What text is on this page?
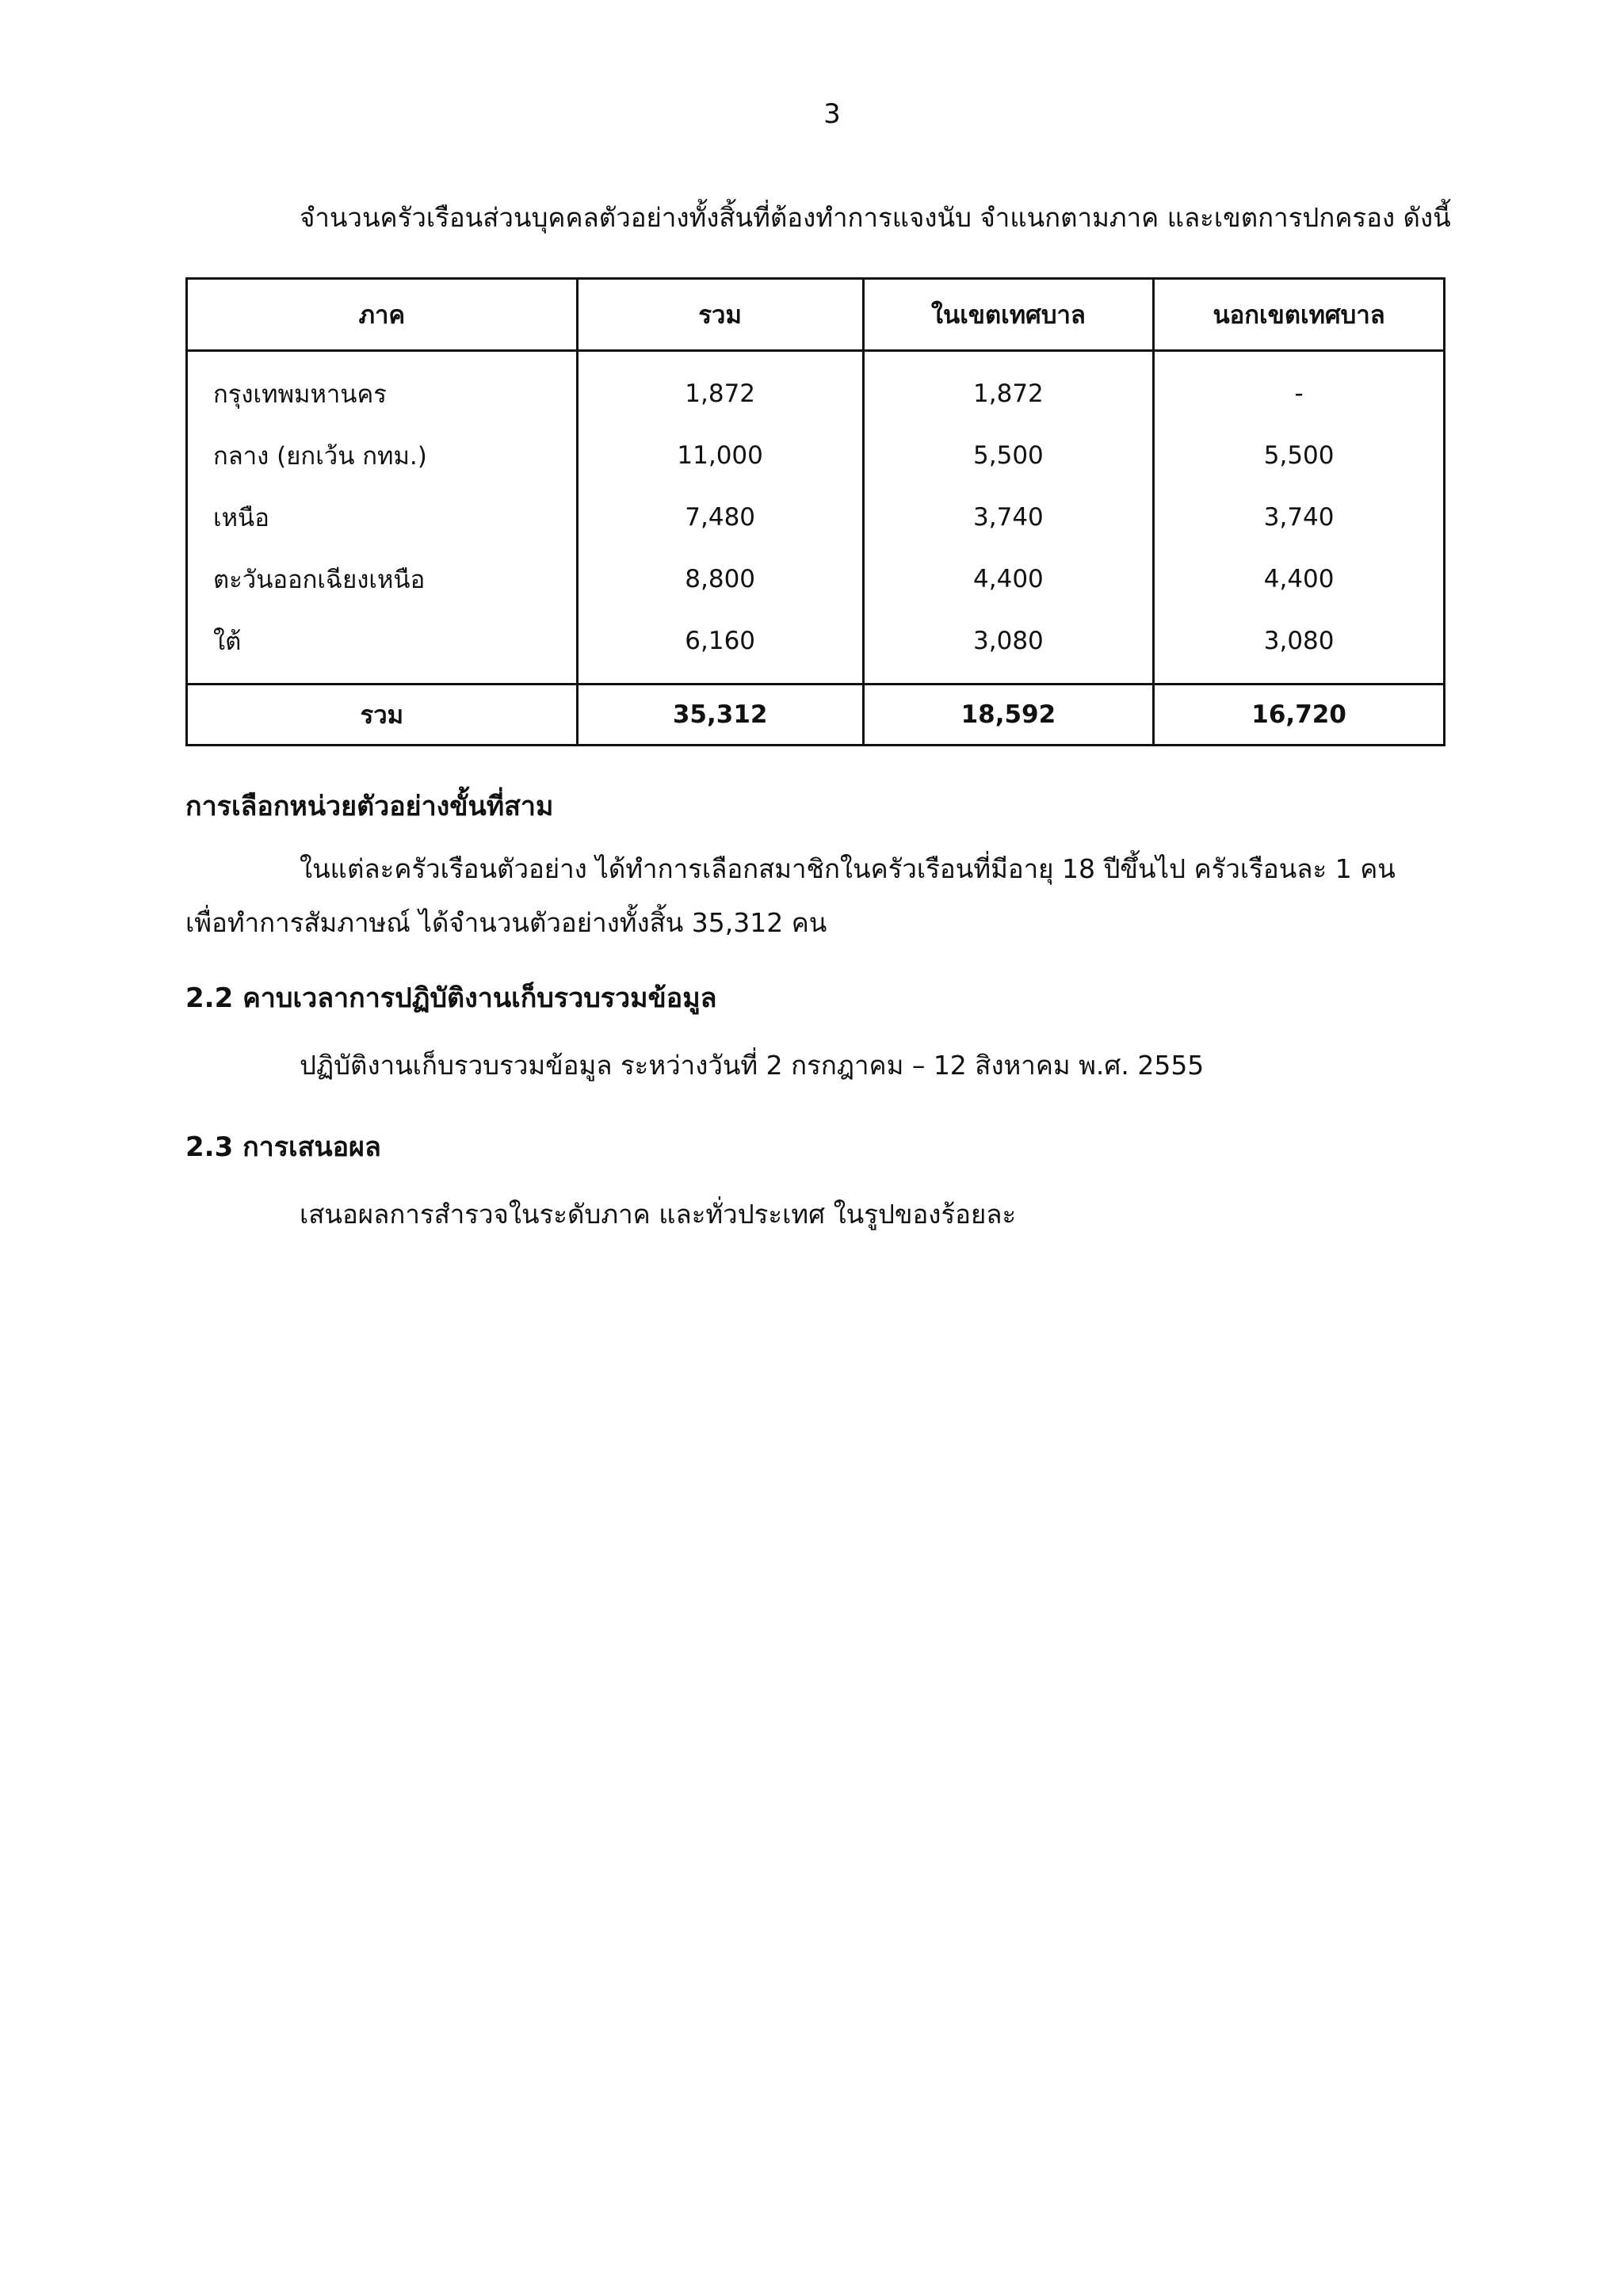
3
จำนวนครัวเรือนส่วนบุคคลตัวอย่างทั้งสิ้นที่ต้องทำการแจงนับ จำแนกตามภาค และเขตการปกครอง ดังนี้
ภาค	รวม	ในเขตเทศบาล	นอกเขตเทศบาล
กรุงเทพมหานคร	1,872	1,872	-
กลาง (ยกเว้น กทม.)	11,000	5,500	5,500
เหนือ	7,480	3,740	3,740
ตะวันออกเฉียงเหนือ	8,800	4,400	4,400
ใต้	6,160	3,080	3,080
รวม	35,312	18,592	16,720
การเลือกหน่วยตัวอย่างขั้นที่สาม
ในแต่ละครัวเรือนตัวอย่าง ได้ทำการเลือกสมาชิกในครัวเรือนที่มีอายุ 18 ปีขึ้นไป ครัวเรือนละ 1 คน
เพื่อทำการสัมภาษณ์ ได้จำนวนตัวอย่างทั้งสิ้น 35,312 คน
2.2 คาบเวลาการปฏิบัติงานเก็บรวบรวมข้อมูล
ปฏิบัติงานเก็บรวบรวมข้อมูล ระหว่างวันที่ 2 กรกฎาคม – 12 สิงหาคม พ.ศ. 2555
2.3 การเสนอผล
เสนอผลการสำรวจในระดับภาค และทั่วประเทศ ในรูปของร้อยละ
